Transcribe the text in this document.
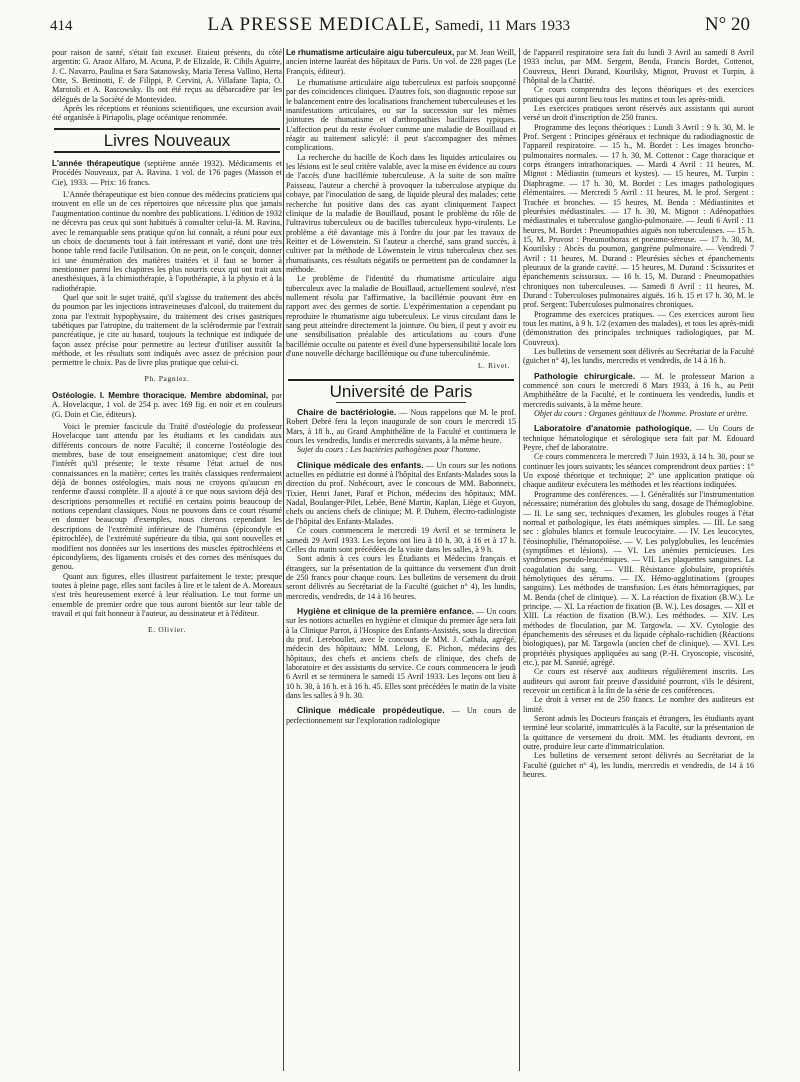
414	LA PRESSE MEDICALE, Samedi, 11 Mars 1933	N° 20

pour raison de santé, s'était fait excuser. Etaient présents, du côté argentin: G. Araoz Alfaro, M. Acuna, P. de Elizalde, R. Cibils Aguirre, J. C. Navarro, Paulina et Sara Satanowsky, Maria Teresa Vallino, Herta Otte, S. Bettinotti, F. de Filippi, P. Cervini, A. Villafane Tapia, O. Marotoli et A. Rascowsky. Ils ont été reçus au débarcadère par les délégués de la Société de Montevideo.

Après les réceptions et réunions scientifiques, une excursion avait été organisée à Piriapolis, plage océanique renommée.

Livres Nouveaux

L'année thérapeutique (septième année 1932). Médicaments et Procédés Nouveaux, par A. Ravina. 1 vol. de 176 pages (Masson et Cie), 1933. — Prix: 16 francs.

L'Année thérapeutique est bien connue des médecins praticiens qui trouvent en elle un de ces répertoires que nécessite plus que jamais l'augmentation continue du nombre des publications. L'édition de 1932 ne décevra pas ceux qui sont habitués à consulter celui-là. M. Ravina, avec le remarquable sens pratique qu'on lui connaît, a réuni pour eux un choix de documents tout à fait intéressant et varié, dont une très bonne table rend facile l'utilisation. On ne peut, on le conçoit, donner ici une énumération des matières traitées et il faut se borner à mentionner parmi les chapitres les plus nourris ceux qui ont trait aux anesthésiques, à la chimiothérapie, à l'opothérapie, à la physio et à la radiothérapie.

Quel que soit le sujet traité, qu'il s'agisse du traitement des abcès du poumon par les injections intraveineuses d'alcool, du traitement du zona par l'extrait hypophysaire, du traitement des crises gastriques tabétiques par l'atropine, du traitement de la sclérodermie par l'extrait pancréatique, je cite au hasard, toujours la technique est indiquée de façon assez précise pour permettre au lecteur d'utiliser aussitôt la méthode, et les résultats sont indiqués avec assez de précision pour permettre le choix. Pas de livre plus pratique que celui-ci.

Ph. Pagniez.

Ostéologie. I. Membre thoracique. Membre abdominal, par A. Hovelacque, 1 vol. de 254 p. avec 169 fig. en noir et en couleurs (G. Doin et Cie, éditeurs).

Voici le premier fascicule du Traité d'ostéologie du professeur Hovelacque tant attendu par les étudiants et les candidats aux différents concours de notre Faculté; il concerne l'ostéologie des membres, base de tout enseignement anatomique; c'est dire tout l'intérêt qu'il présente; le texte résume l'état actuel de nos connaissances en la matière; certes les traités classiques renfermaient déjà de bonnes ostéologies, mais nous ne croyons qu'aucun en renferme d'aussi complète. Il a ajouté à ce que nous savions déjà des descriptions personnelles et rectifié en certains points beaucoup de notions cependant classiques. Nous ne pouvons dans ce court résumé en donner beaucoup d'exemples, nous citerons cependant les descriptions de l'extrémité inférieure de l'humérus (épicondyle et épitrochlée), de l'extrémité supérieure du tibia, qui sont nouvelles et modifient nos données sur les insertions des muscles épitrochléens et épicondyliens, des ligaments croisés et des cornes des ménisques du genou.

Quant aux figures, elles illustrent parfaitement le texte; presque toutes à pleine page, elles sont faciles à lire et le talent de A. Moreaux s'est très heureusement exercé à leur réalisation. Le tout forme un ensemble de premier ordre que tous auront bientôt sur leur table de travail et qui fait honneur à l'auteur, au dessinateur et à l'éditeur.

E. Olivier.

Le rhumatisme articulaire aigu tuberculeux, par M. Jean Weill, ancien interne lauréat des hôpitaux de Paris. Un vol. de 228 pages (Le François, éditeur).

Le rhumatisme articulaire aigu tuberculeux est parfois soupçonné par des coïncidences cliniques. D'autres fois, son diagnostic repose sur le balancement entre des localisations franchement tuberculeuses et les manifestations articulaires, ou sur la succession sur les mêmes jointures de rhumatisme et d'arthropathies bacillaires typiques. L'affection peut du reste évoluer comme une maladie de Bouillaud et réagir au traitement salicylé: il peut s'accompagner des mêmes complications.

La recherche du bacille de Koch dans les liquides articulaires ou les lésions est le seul critère valable, avec la mise en évidence au cours de l'accès d'une bacillémie tuberculeuse. A la suite de son maître Paisseau, l'auteur a cherché à provoquer la tuberculose atypique du cobaye, par l'inoculation de sang, de liquide pleural des malades: cette recherche fut positive dans des cas ayant cliniquement l'aspect clinique de la maladie de Bouillaud, posant le problème du rôle de l'ultravirus tuberculeux ou de bacilles tuberculeux hypo-virulents. Le problème a été davantage mis à l'ordre du jour par les travaux de Reitter et de Löwenstein. Si l'auteur a cherché, sans grand succès, à cultiver par la méthode de Löwenstein le virus tuberculeux chez ses rhumatisants, ces résultats négatifs ne permettent pas de condamner la méthode.

Le problème de l'identité du rhumatisme articulaire aigu tuberculeux avec la maladie de Bouillaud, actuellement soulevé, n'est nullement résolu par l'affirmative, la bacillémie pouvant être en rapport avec des germes de sortie. L'expérimentation a cependant pu reproduire le rhumatisme aigu tuberculeux. Le virus circulant dans le sang peut atteindre directement la jointure. Ou bien, il peut y avoir eu une sensibilisation préalable des articulations au cours d'une bacillémie occulte ou patente et éveil d'une hypersensibilité locale lors d'une nouvelle décharge bacillémique ou d'une tuberculinémie.

L. Rivet.
Université de Paris

Chaire de bactériologie. — Nous rappelons que M. le prof. Robert Debré fera la leçon inaugurale de son cours le mercredi 15 Mars, à 18 h., au Grand Amphithéâtre de la Faculté et continuera le cours les vendredis, lundis et mercredis suivants, à la même heure.

Sujet du cours : Les bactéries pathogènes pour l'homme.

Clinique médicale des enfants. — Un cours sur les notions actuelles en pédiatrie est donné à l'hôpital des Enfants-Malades sous la direction du prof. Nobécourt, avec le concours de MM. Babonneix, Tixier, Henri Janet, Paraf et Pichon, médecins des hôpitaux; MM. Nadal, Boulanger-Pilet, Lebée, Bené Martin, Kaplan, Liège et Guyon, chefs ou anciens chefs de clinique; M. P. Duhem, électro-radiologiste de l'hôpital des Enfants-Malades.

Ce cours commencera le mercredi 19 Avril et se terminera le samedi 29 Avril 1933. Les leçons ont lieu à 10 h. 30, à 16 et à 17 h. Celles du matin sont précédées de la visite dans les salles, à 9 h.

Sont admis à ces cours les Étudiants et Médecins français et étrangers, sur la présentation de la quittance du versement d'un droit de 250 francs pour chaque cours. Les bulletins de versement du droit seront délivrés au Secrétariat de la Faculté (guichet n° 4), les lundis, mercredis, vendredis, de 14 à 16 heures.

Hygiène et clinique de la première enfance. — Un cours sur les notions actuelles en hygiène et clinique du premier âge sera fait à la Clinique Parrot, à l'Hospice des Enfants-Assistés, sous la direction du prof. Lereboullet, avec le concours de MM. J. Cathala, agrégé, médecin des hôpitaux; MM. Lelong, E. Pichon, médecins des hôpitaux, des chefs et anciens chefs de clinique, des chefs de laboratoire et des assistants du service. Ce cours commencera le jeudi 6 Avril et se terminera le samedi 15 Avril 1933. Les leçons ont lieu à 10 h. 30, à 16 h. et à 16 h. 45. Elles sont précédées le matin de la visite dans les salles à 9 h. 30.

Clinique médicale propédeutique. — Un cours de perfectionnement sur l'exploration radiologique

de l'appareil respiratoire sera fait du lundi 3 Avril au samedi 8 Avril 1933 inclus, par MM. Sergent, Benda, Francis Bordet, Cottenot, Couvreux, Henri Durand, Kourilsky, Mignot, Pruvost et Turpin, à l'hôpital de la Charité.

Ce cours comprendra des leçons théoriques et des exercices pratiques qui auront lieu tous les matins et tous les après-midi.

Les exercices pratiques seront réservés aux assistants qui auront versé un droit d'inscription de 250 francs.

Programme des leçons théoriques : Lundi 3 Avril : 9 h. 30, M. le Prof. Sergent : Principes généraux et technique du radiodiagnostic de l'appareil respiratoire. — 15 h., M. Bordet : Les images broncho-pulmonaires normales. — 17 h. 30, M. Cottenot : Cage thoracique et corps étrangers intrathoraciques. — Mardi 4 Avril : 11 heures, M. Mignot : Médiastin (tumeurs et kystes). — 15 heures, M. Turpin : Diaphragme. — 17 h. 30, M. Bordet : Les images pathologiques élémentaires. — Mercredi 5 Avril : 11 heures, M. le prof. Sergent : Trachée et bronches. — 15 heures, M. Benda : Médiastinites et pleurésies médiastinales. — 17 h. 30, M. Mignot : Adénopathies médiastinales et tuberculose ganglio-pulmonaire. — Jeudi 6 Avril : 11 heures, M. Bordet : Pneumopathies aiguës non tuberculeuses. — 15 h. 15, M. Pruvost : Pneumothorax et pneumo-séreuse. — 17 h. 30, M. Kourilsky : Abcès du poumon, gangrène pulmonaire. — Vendredi 7 Avril : 11 heures, M. Durand : Pleurésies sèches et épanchements pleuraux de la grande cavité. — 15 heures, M. Durand : Scissurites et épanchements scissuraux. — 16 h. 15, M. Durand : Pneumopathies chroniques non tuberculeuses. — Samedi 8 Avril : 11 heures, M. Durand : Tuberculoses pulmonaires aiguës. 16 h. 15 et 17 h. 30, M. le prof. Sergent: Tuberculoses pulmonaires chroniques.

Programme des exercices pratiques. — Ces exercices auront lieu tous les matins, à 9 h. 1/2 (examen des malades), et tous les après-midi (démonstration des principales techniques radiologiques, par M. Couvreux).

Les bulletins de versement sont délivrés au Secrétariat de la Faculté (guichet n° 4), les lundis, mercredis et vendredis, de 14 à 16 h.

Pathologie chirurgicale. — M. le professeur Marion a commencé son cours le mercredi 8 Mars 1933, à 16 h., au Petit Amphithéâtre de la Faculté, et le continuera les vendredis, lundis et mercredis suivants, à la même heure.

Objet du cours : Organes génitaux de l'homme. Prostate et urètre.

Laboratoire d'anatomie pathologique. — Un Cours de technique hématologique et sérologique sera fait par M. Edouard Peyre, chef de laboratoire.

Ce cours commencera le mercredi 7 Juin 1933, à 14 h. 30, pour se continuer les jours suivants; les séances comprendront deux parties : 1° Un exposé théorique et technique; 2° une application pratique où chaque auditeur exécutera les méthodes et les réactions indiquées.

Programme des conférences. — I. Généralités sur l'instrumentation nécessaire; numération des globules du sang, dosage de l'hémoglobine. — II. Le sang sec, techniques d'examen, les globules rouges à l'état normal et pathologique, les états anémiques simples. — III. Le sang sec : globules blancs et formule leucocytaire. — IV. Les leucocytes, l'éosinophilie, l'hématopoïèse. — V. Les polyglobulies, les leucémies (symptômes et lésions). — VI. Les anémies pernicieuses. Les syndromes pseudo-leucémiques. — VII. Les plaquettes sanguines. La coagulation du sang. — VIII. Résistance globulaire, propriétés hémolytiques des sérums. — IX. Hémo-agglutinations (groupes sanguins). Les méthodes de transfusion. Les états hémorragiques, par M. Benda (chef de clinique). — X. La réaction de fixation (B.W.). Le principe. — XI. La réaction de fixation (B. W.). Les dosages. — XII et XIII. La réaction de fixation (B.W.). Les méthodes. — XIV. Les méthodes de floculation, par M. Targowla. — XV. Cytologie des épanchements des séreuses et du liquide céphalo-rachidien (Réactions biologiques), par M. Targowla (ancien chef de clinique). — XVI. Les propriétés physiques appliquées au sang (P.-H. Cryoscopie, viscosité, etc.), par M. Sannié, agrégé.

Ce cours est réservé aux auditeurs régulièrement inscrits. Les auditeurs qui auront fait preuve d'assiduité pourront, s'ils le désirent, recevoir un certificat à la fin de la série de ces conférences.

Le droit à verser est de 250 francs. Le nombre des auditeurs est limité.

Seront admis les Docteurs français et étrangers, les étudiants ayant terminé leur scolarité, immatriculés à la Faculté, sur la présentation de la quittance de versement du droit. MM. les étudiants devront, en outre, produire leur carte d'immatriculation.

Les bulletins de versement seront délivrés au Secrétariat de la Faculté (guichet n° 4), les lundis, mercredis et vendredis, de 14 à 16 heures.
